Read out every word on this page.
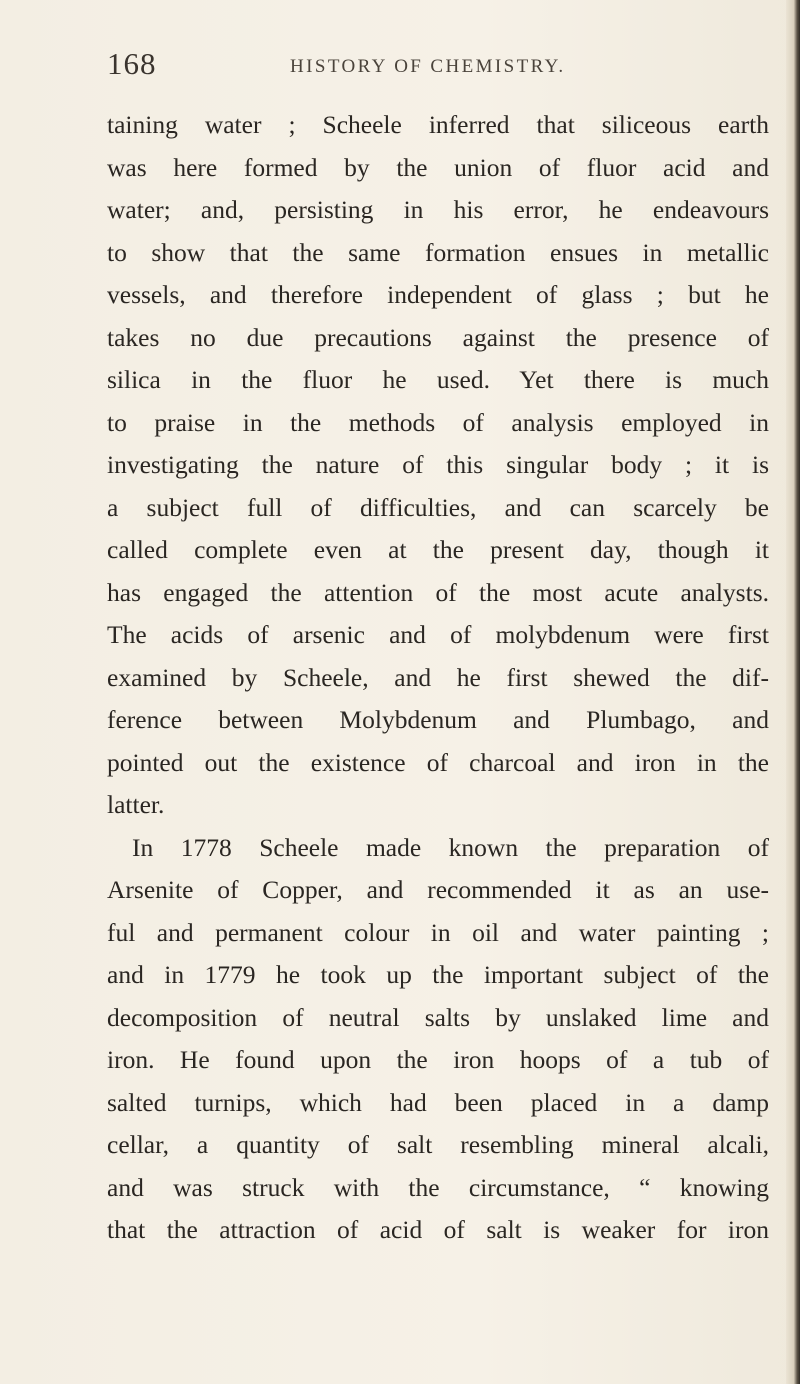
168	HISTORY OF CHEMISTRY.
taining water ; Scheele inferred that siliceous earth
was here formed by the union of fluor acid and
water; and, persisting in his error, he endeavours
to show that the same formation ensues in metallic
vessels, and therefore independent of glass ; but he
takes no due precautions against the presence of
silica in the fluor he used. Yet there is much
to praise in the methods of analysis employed in
investigating the nature of this singular body ; it is
a subject full of difficulties, and can scarcely be
called complete even at the present day, though it
has engaged the attention of the most acute analysts.
The acids of arsenic and of molybdenum were first
examined by Scheele, and he first shewed the dif-
ference between Molybdenum and Plumbago, and
pointed out the existence of charcoal and iron in the
latter.
In 1778 Scheele made known the preparation of
Arsenite of Copper, and recommended it as an use-
ful and permanent colour in oil and water painting ;
and in 1779 he took up the important subject of the
decomposition of neutral salts by unslaked lime and
iron. He found upon the iron hoops of a tub of
salted turnips, which had been placed in a damp
cellar, a quantity of salt resembling mineral alcali,
and was struck with the circumstance, “ knowing
that the attraction of acid of salt is weaker for iron
